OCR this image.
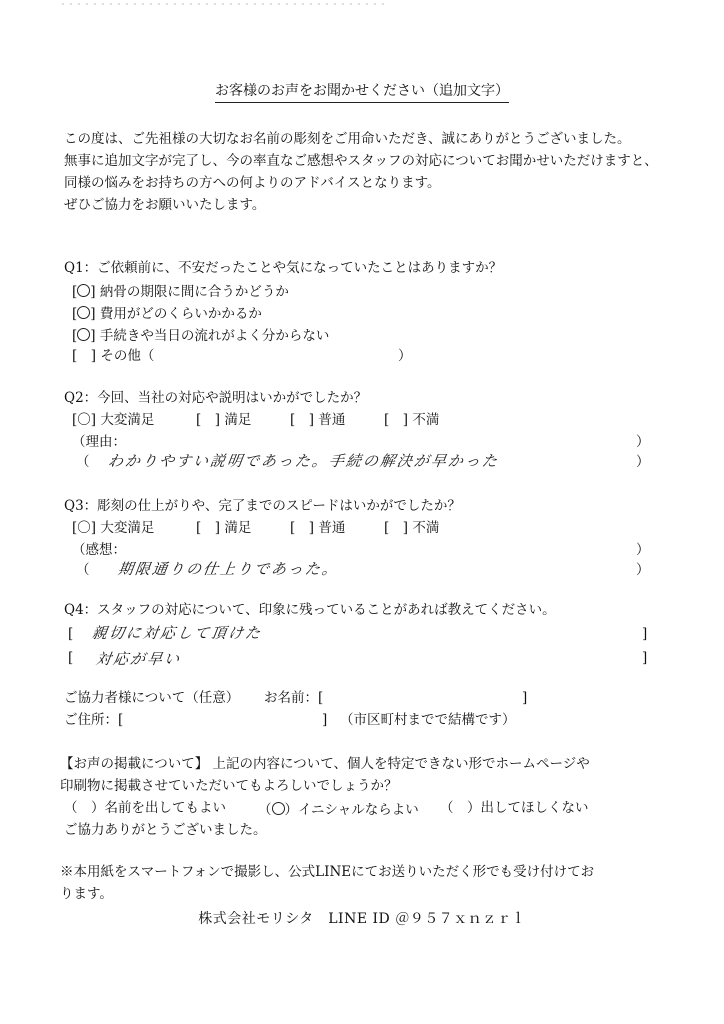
お客様のお声をお聞かせください（追加文字）

この度は、ご先祖様の大切なお名前の彫刻をご用命いただき、誠にありがとうございました。

無事に追加文字が完了し、今の率直なご感想やスタッフの対応についてお聞かせいただけますと、同様の悩みをお持ちの方への何よりのアドバイスとなります。

ぜひご協力をお願いいたします。

Q1：ご依頼前に、不安だったことや気になっていたことはありますか？
[ ] 納骨の期限に間に合うかどうか
[ ] 費用がどのくらいかかるか
[ ] 手続きや当日の流れがよく分からない
[　 ] その他（	）
Q2：今回、当社の対応や説明はいかがでしたか？
[〇] 大変満足	[　] 満足	[　] 普通	[　] 不満
（理由：	）
（ わかりやすい説明であった。手続の解決が早かった	）
Q3：彫刻の仕上がりや、完了までのスピードはいかがでしたか？
[〇] 大変満足	[　] 満足	[　] 普通	[　] 不満
（感想：	）
（ 期限通りの仕上りであった。	）
Q4：スタッフの対応について、印象に残っていることがあれば教えてください。
[ 親切に対応して頂けた	]
[ 対応が早い	]
ご協力者様について（任意） お名前：[	]
ご住所：[	] （市区町村までで結構です）
【お声の掲載について】 上記の内容について、個人を特定できない形でホームページや
印刷物に掲載させていただいてもよろしいでしょうか？
（　）名前を出してもよい （ ）イニシャルならよい （　）出してほしくない
ご協力ありがとうございました。
※本用紙をスマートフォンで撮影し、公式LINEにてお送りいただく形でも受け付けてお
ります。
株式会社モリシタ　LINE ID ＠９５７ｘｎｚｒｌ
